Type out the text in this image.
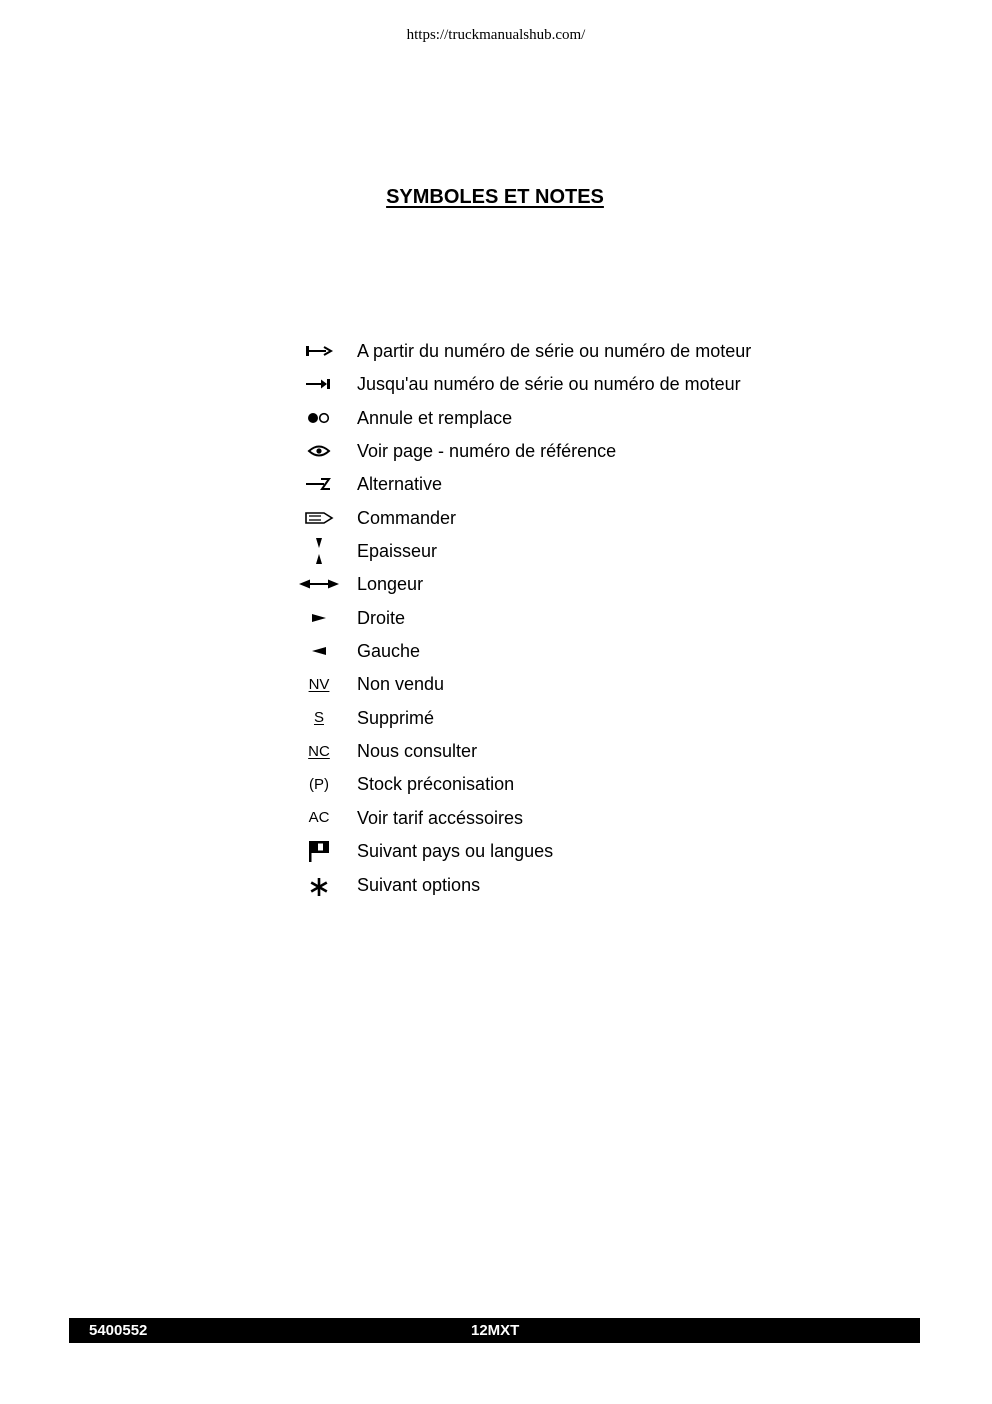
https://truckmanualshub.com/
SYMBOLES ET NOTES
A partir du numéro de série ou numéro de moteur
Jusqu'au numéro de série ou numéro de moteur
Annule et remplace
Voir page - numéro de référence
Alternative
Commander
Epaisseur
Longeur
Droite
Gauche
NV Non vendu
S Supprimé
NC Nous consulter
(P) Stock préconisation
AC Voir tarif accéssoires
Suivant pays ou langues
Suivant options
5400552	12MXT
